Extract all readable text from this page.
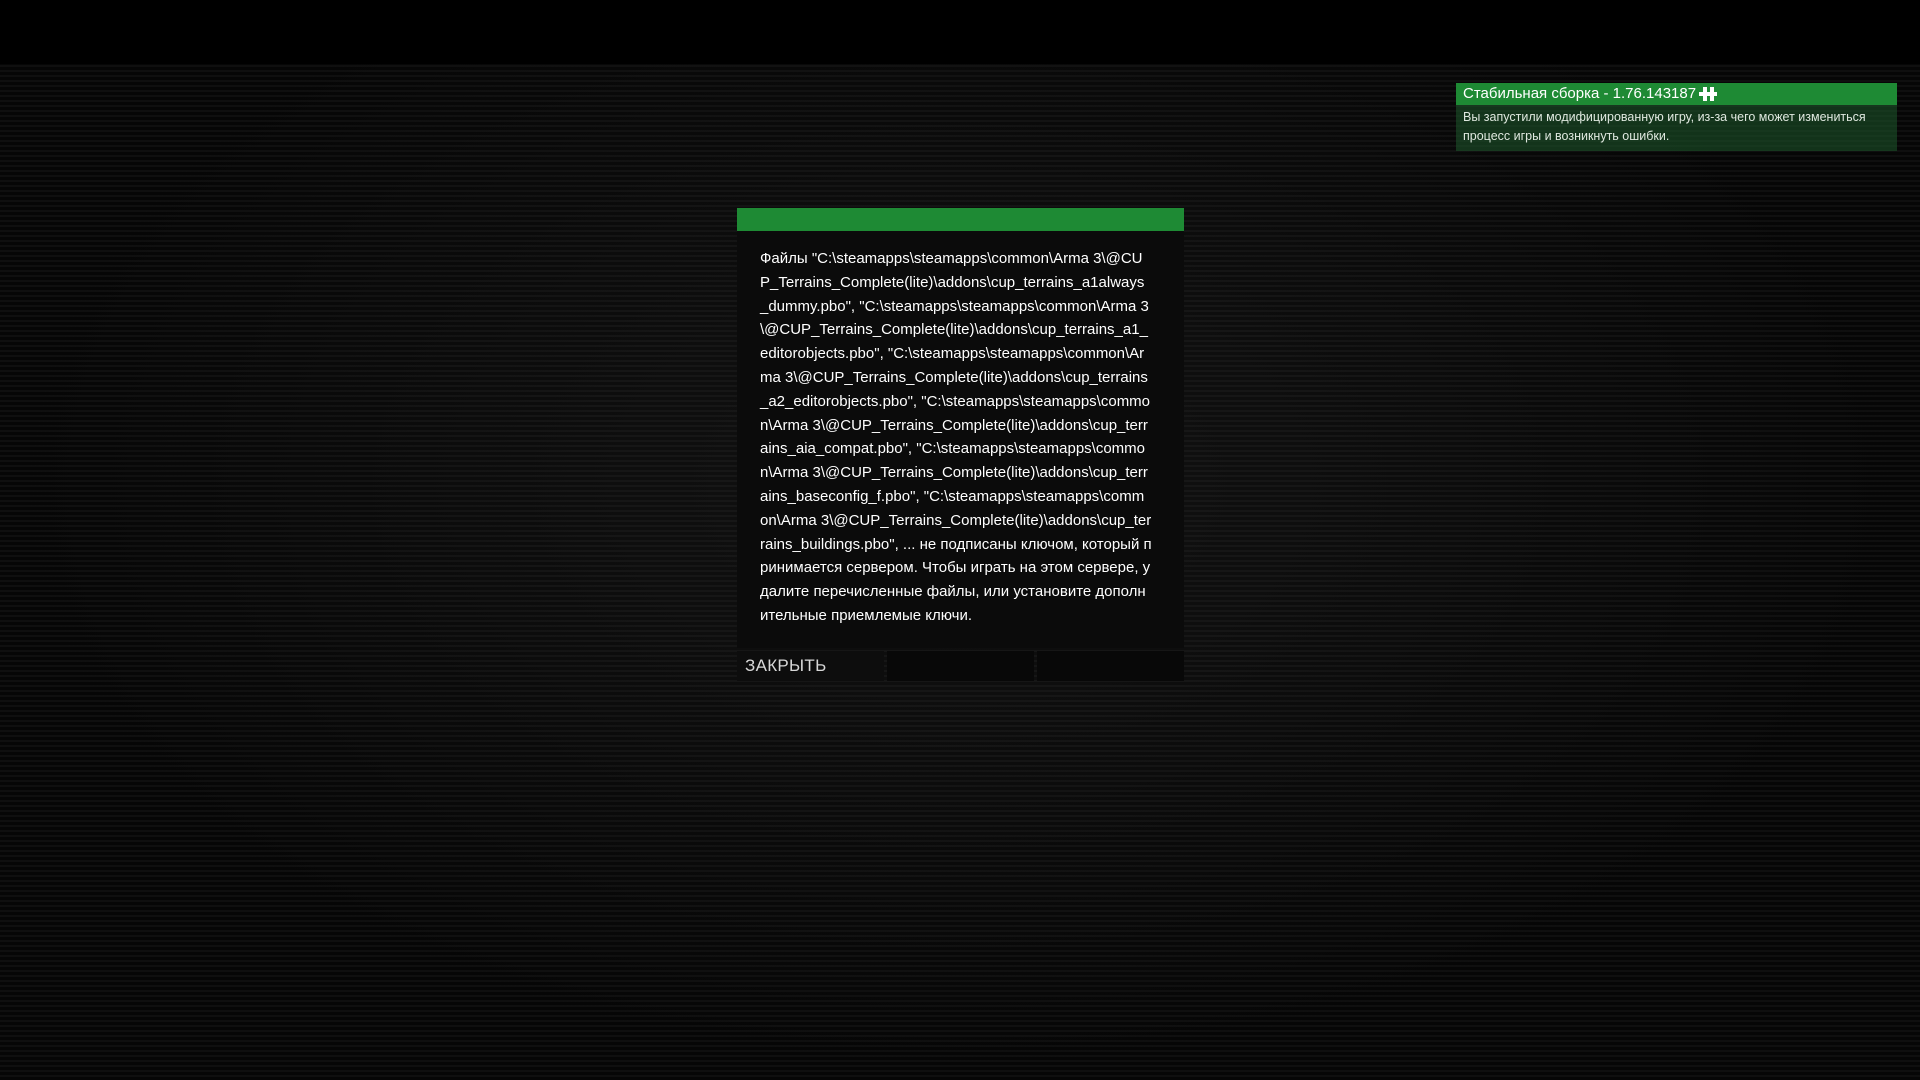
Стабильная сборка - 1.76.143187
Вы запустили модифицированную игру, из-за чего может измениться процесс игры и возникнуть ошибки.
Файлы "C:\steamapps\steamapps\common\Arma 3\@CUP_Terrains_Complete(lite)\addons\cup_terrains_a1always_dummy.pbo", "C:\steamapps\steamapps\common\Arma 3\@CUP_Terrains_Complete(lite)\addons\cup_terrains_a1_editorobjects.pbo", "C:\steamapps\steamapps\common\Arma 3\@CUP_Terrains_Complete(lite)\addons\cup_terrains_a2_editorobjects.pbo", "C:\steamapps\steamapps\common\Arma 3\@CUP_Terrains_Complete(lite)\addons\cup_terrains_aia_compat.pbo", "C:\steamapps\steamapps\common\Arma 3\@CUP_Terrains_Complete(lite)\addons\cup_terrains_baseconfig_f.pbo", "C:\steamapps\steamapps\common\Arma 3\@CUP_Terrains_Complete(lite)\addons\cup_terrains_buildings.pbo", ... не подписаны ключом, который принимается сервером. Чтобы играть на этом сервере, удалите перечисленные файлы, или установите дополнительные приемлемые ключи.
ЗАКРЫТЬ
